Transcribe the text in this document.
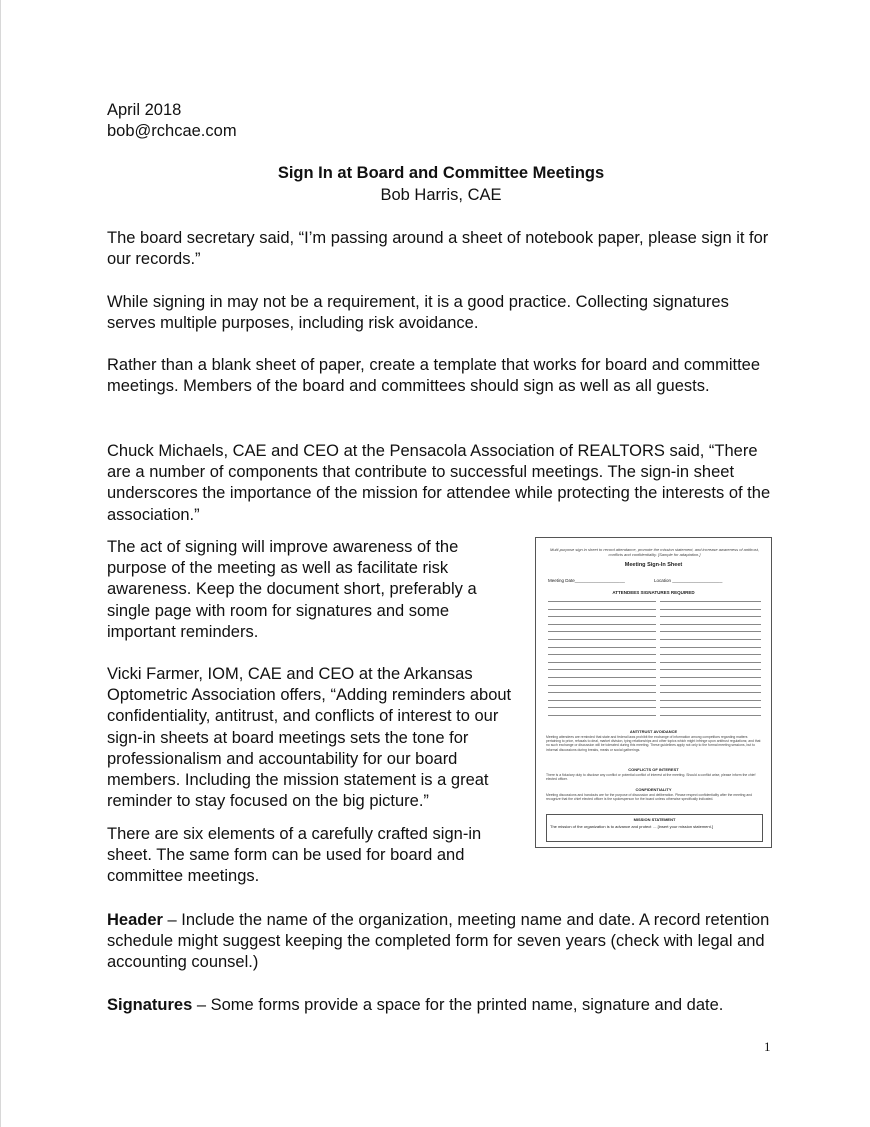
April 2018
bob@rchcae.com
Sign In at Board and Committee Meetings
Bob Harris, CAE

The board secretary said, “I’m passing around a sheet of notebook paper, please sign it for our records.”

While signing in may not be a requirement, it is a good practice. Collecting signatures serves multiple purposes, including risk avoidance.

Rather than a blank sheet of paper, create a template that works for board and committee meetings. Members of the board and committees should sign as well as all guests.

Chuck Michaels, CAE and CEO at the Pensacola Association of REALTORS said, “There are a number of components that contribute to successful meetings. The sign-in sheet underscores the importance of the mission for attendee while protecting the interests of the association.”

The act of signing will improve awareness of the purpose of the meeting as well as facilitate risk awareness. Keep the document short, preferably a single page with room for signatures and some important reminders.

Vicki Farmer, IOM, CAE and CEO at the Arkansas Optometric Association offers, “Adding reminders about confidentiality, antitrust, and conflicts of interest to our sign-in sheets at board meetings sets the tone for professionalism and accountability for our board members. Including the mission statement is a great reminder to stay focused on the big picture.”

There are six elements of a carefully crafted sign-in sheet. The same form can be used for board and committee meetings.

Header – Include the name of the organization, meeting name and date. A record retention schedule might suggest keeping the completed form for seven years (check with legal and accounting counsel.)

Signatures – Some forms provide a space for the printed name, signature and date.

Multi-purpose sign in sheet to record attendance, promote the mission statement, and increase awareness of antitrust, conflicts and confidentiality. [Sample for adaptation.]
Meeting Sign-In Sheet
Meeting Date____________________	Location ____________________
ATTENDEES SIGNATURES REQUIRED
ANTITRUST AVOIDANCE
Meeting attendees are reminded that state and federal laws prohibit the exchange of information among competitors regarding matters pertaining to price, refusals to deal, market division, tying relationships and other topics which might infringe upon antitrust regulations; and that no such exchange or discussion will be tolerated during this meeting. These guidelines apply not only to the formal meeting sessions, but to informal discussions during breaks, meals or social gatherings.
CONFLICTS OF INTEREST
There is a fiduciary duty to disclose any conflict or potential conflict of interest at the meeting. Should a conflict arise, please inform the chief elected officer.
CONFIDENTIALITY
Meeting discussions and handouts are for the purpose of discussion and deliberation. Please respect confidentiality after the meeting and recognize that the chief elected officer is the spokesperson for the board unless otherwise specifically indicated.
MISSION STATEMENT
The mission of the organization is to advance and protect ….[insert your mission statement.]
1
